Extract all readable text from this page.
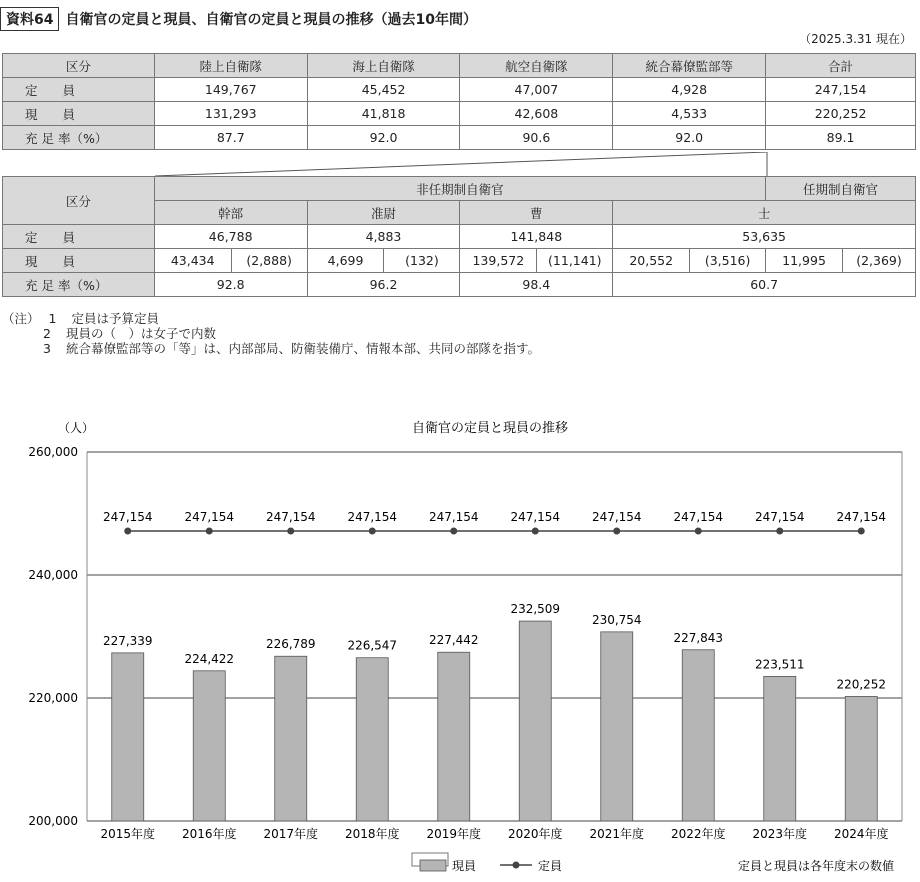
資料64 自衛官の定員と現員、自衛官の定員と現員の推移（過去10年間）
（2025.3.31 現在）
区分	陸上自衛隊	海上自衛隊	航空自衛隊	統合幕僚監部等	合計
定　　員	149,767	45,452	47,007	4,928	247,154
現　　員	131,293	41,818	42,608	4,533	220,252
充 足 率（%）	87.7	92.0	90.6	92.0	89.1
区分	非任期制自衛官								任期制自衛官	
	幹部		准尉		曹		士			
定　　員	46,788		4,883		141,848		53,635			
現　　員	43,434	(2,888)	4,699	(132)	139,572	(11,141)	20,552	(3,516)	11,995	(2,369)
充 足 率（%）	92.8		96.2		98.4		60.7			
（注） 1 定員は予算定員
2 現員の（　）は女子で内数
3 統合幕僚監部等の「等」は、内部部局、防衛装備庁、情報本部、共同の部隊を指す。
自衛官の定員と現員の推移
（人）
200,000
220,000
240,000
260,000
227,339
224,422
226,789	226,547	227,442
232,509
230,754
227,843
223,511
220,252
247,154	247,154	247,154	247,154	247,154	247,154	247,154	247,154	247,154	247,154
2015年度 2016年度 2017年度 2018年度 2019年度 2020年度 2021年度 2022年度 2023年度 2024年度
現員	定員	定員と現員は各年度末の数値
